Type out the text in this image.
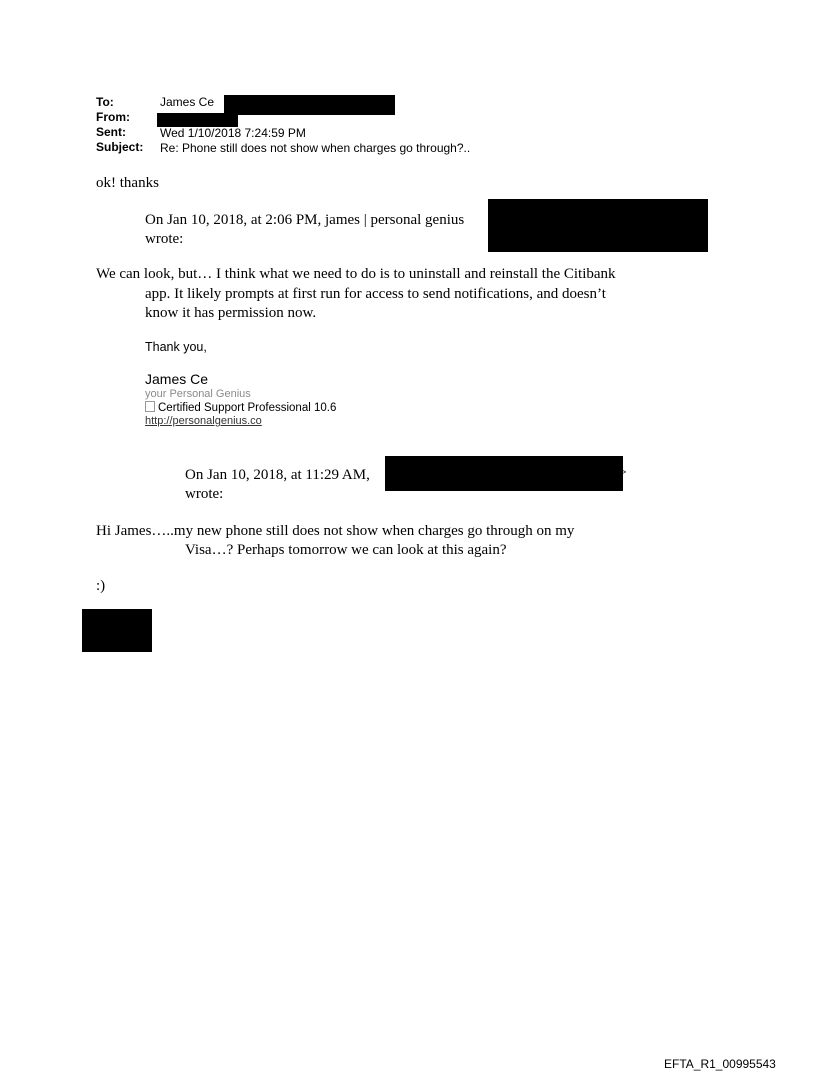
To:	James Ce
From:
Sent:	Wed 1/10/2018 7:24:59 PM
Subject: Re: Phone still does not show when charges go through?..
ok! thanks
On Jan 10, 2018, at 2:06 PM, james | personal genius
wrote:
We can look, but… I think what we need to do is to uninstall and reinstall the Citibank
app. It likely prompts at first run for access to send notifications, and doesn’t
know it has permission now.
Thank you,
James Ce
your Personal Genius
Certified Support Professional 10.6
http://personalgenius.co
On Jan 10, 2018, at 11:29 AM,	>
wrote:
Hi James…..my new phone still does not show when charges go through on my
Visa…? Perhaps tomorrow we can look at this again?
:)
EFTA_R1_00995543
